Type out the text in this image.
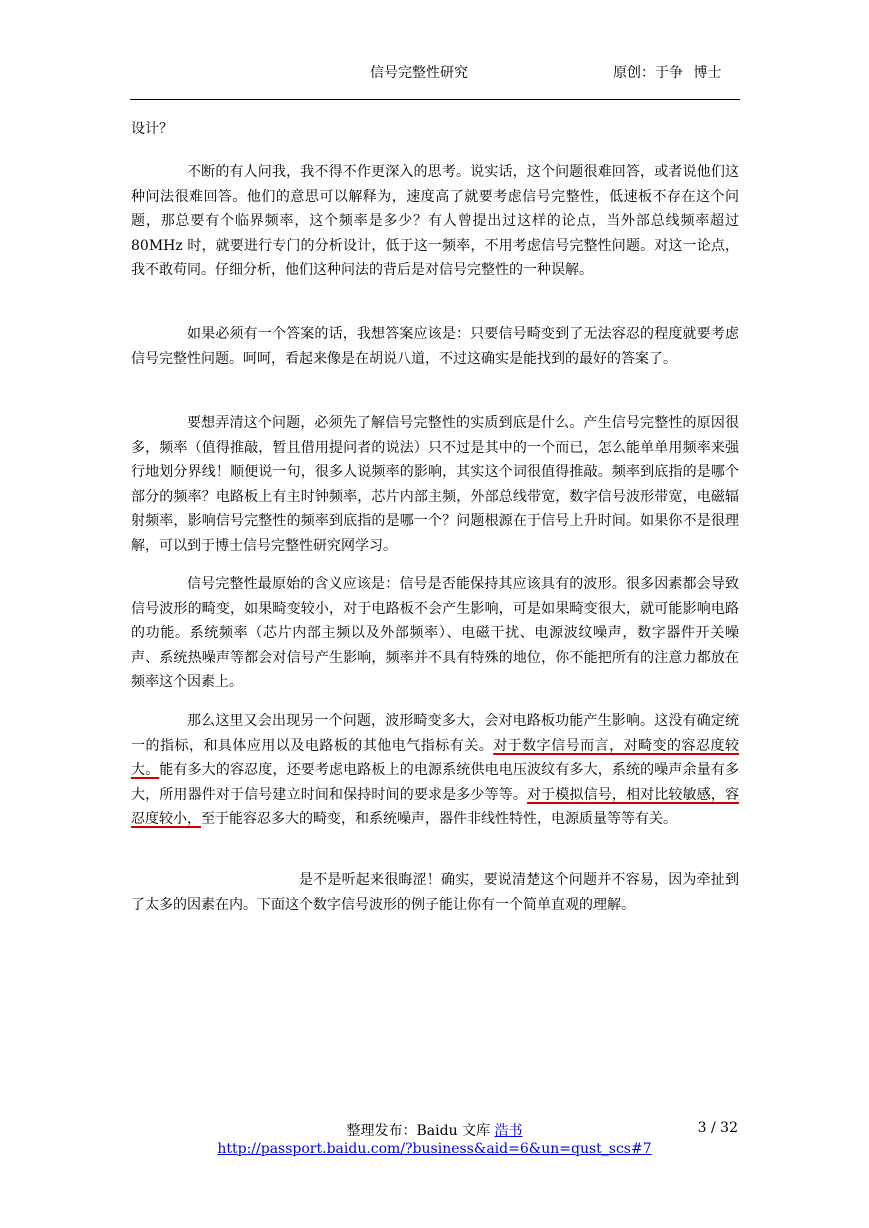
信号完整性研究	原创：于争 博士
设计？
不断的有人问我，我不得不作更深入的思考。说实话，这个问题很难回答，或者说他们这种问法很难回答。他们的意思可以解释为，速度高了就要考虑信号完整性，低速板不存在这个问题，那总要有个临界频率，这个频率是多少？有人曾提出过这样的论点，当外部总线频率超过 80MHz 时，就要进行专门的分析设计，低于这一频率，不用考虑信号完整性问题。对这一论点，我不敢苟同。仔细分析，他们这种问法的背后是对信号完整性的一种误解。
如果必须有一个答案的话，我想答案应该是：只要信号畸变到了无法容忍的程度就要考虑信号完整性问题。呵呵，看起来像是在胡说八道，不过这确实是能找到的最好的答案了。
要想弄清这个问题，必须先了解信号完整性的实质到底是什么。产生信号完整性的原因很多，频率（值得推敲，暂且借用提问者的说法）只不过是其中的一个而已，怎么能单单用频率来强行地划分界线！顺便说一句，很多人说频率的影响，其实这个词很值得推敲。频率到底指的是哪个部分的频率？电路板上有主时钟频率，芯片内部主频，外部总线带宽，数字信号波形带宽，电磁辐射频率，影响信号完整性的频率到底指的是哪一个？问题根源在于信号上升时间。如果你不是很理解，可以到于博士信号完整性研究网学习。
信号完整性最原始的含义应该是：信号是否能保持其应该具有的波形。很多因素都会导致信号波形的畸变，如果畸变较小，对于电路板不会产生影响，可是如果畸变很大，就可能影响电路的功能。系统频率（芯片内部主频以及外部频率）、电磁干扰、电源波纹噪声，数字器件开关噪声、系统热噪声等都会对信号产生影响，频率并不具有特殊的地位，你不能把所有的注意力都放在频率这个因素上。
那么这里又会出现另一个问题，波形畸变多大，会对电路板功能产生影响。这没有确定统一的指标，和具体应用以及电路板的其他电气指标有关。对于数字信号而言，对畸变的容忍度较大。能有多大的容忍度，还要考虑电路板上的电源系统供电电压波纹有多大，系统的噪声余量有多大，所用器件对于信号建立时间和保持时间的要求是多少等等。对于模拟信号，相对比较敏感，容忍度较小，至于能容忍多大的畸变，和系统噪声，器件非线性特性，电源质量等等有关。
是不是听起来很晦涩！确实，要说清楚这个问题并不容易，因为牵扯到了太多的因素在内。下面这个数字信号波形的例子能让你有一个简单直观的理解。
整理发布：Baidu 文库 浩书	3 / 32
http://passport.baidu.com/?business&aid=6&un=qust_scs#7
